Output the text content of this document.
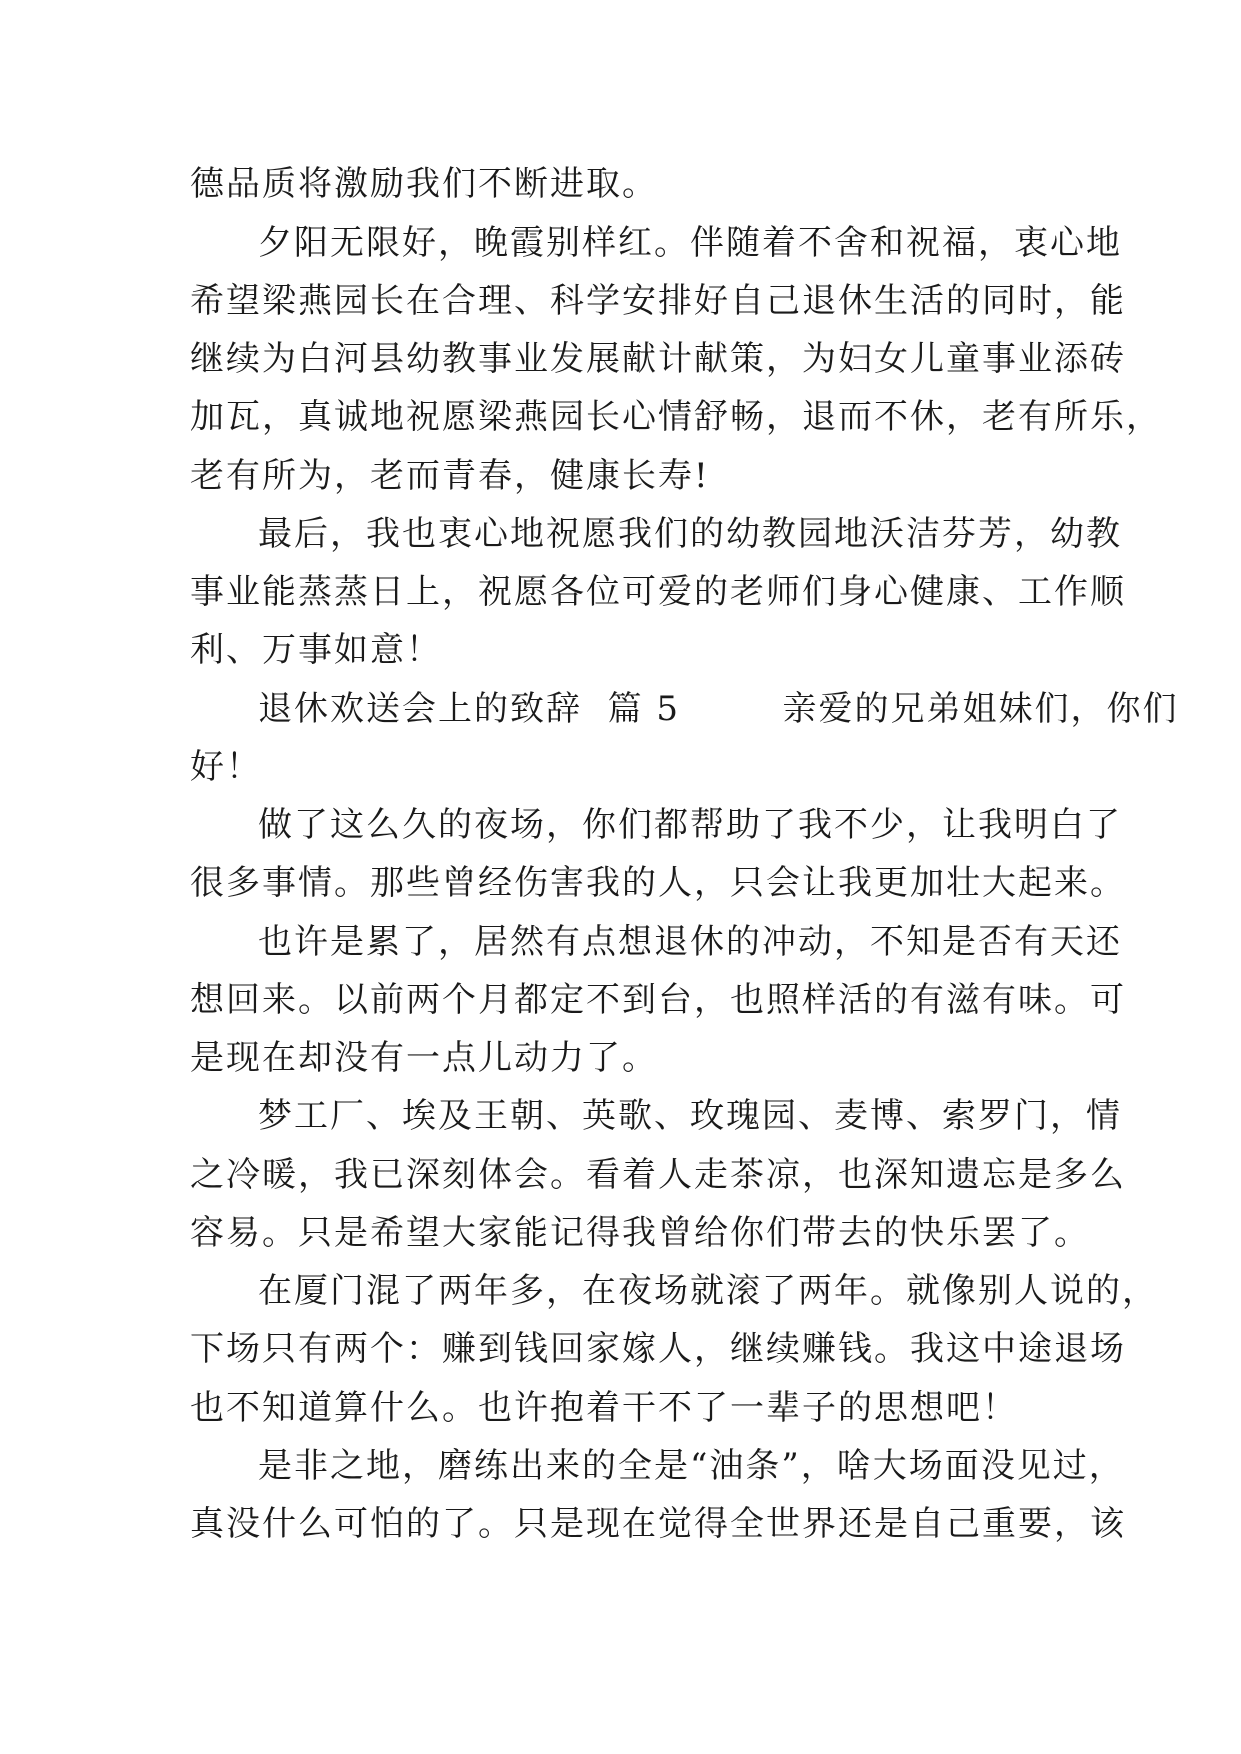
德品质将激励我们不断进取。
夕阳无限好，晚霞别样红。伴随着不舍和祝福，衷心地
希望梁燕园长在合理、科学安排好自己退休生活的同时，能
继续为白河县幼教事业发展献计献策，为妇女儿童事业添砖
加瓦，真诚地祝愿梁燕园长心情舒畅，退而不休，老有所乐，
老有所为，老而青春，健康长寿!
最后，我也衷心地祝愿我们的幼教园地沃洁芬芳，幼教
事业能蒸蒸日上，祝愿各位可爱的老师们身心健康、工作顺
利、万事如意！
退休欢送会上的致辞  篇 5        亲爱的兄弟姐妹们，你们
好！
做了这么久的夜场，你们都帮助了我不少，让我明白了
很多事情。那些曾经伤害我的人，只会让我更加壮大起来。
也许是累了，居然有点想退休的冲动，不知是否有天还
想回来。以前两个月都定不到台，也照样活的有滋有味。可
是现在却没有一点儿动力了。
梦工厂、埃及王朝、英歌、玫瑰园、麦博、索罗门，情
之冷暖，我已深刻体会。看着人走茶凉，也深知遗忘是多么
容易。只是希望大家能记得我曾给你们带去的快乐罢了。
在厦门混了两年多，在夜场就滚了两年。就像别人说的，
下场只有两个：赚到钱回家嫁人，继续赚钱。我这中途退场
也不知道算什么。也许抱着干不了一辈子的思想吧！
是非之地，磨练出来的全是“油条”，啥大场面没见过，
真没什么可怕的了。只是现在觉得全世界还是自己重要，该
